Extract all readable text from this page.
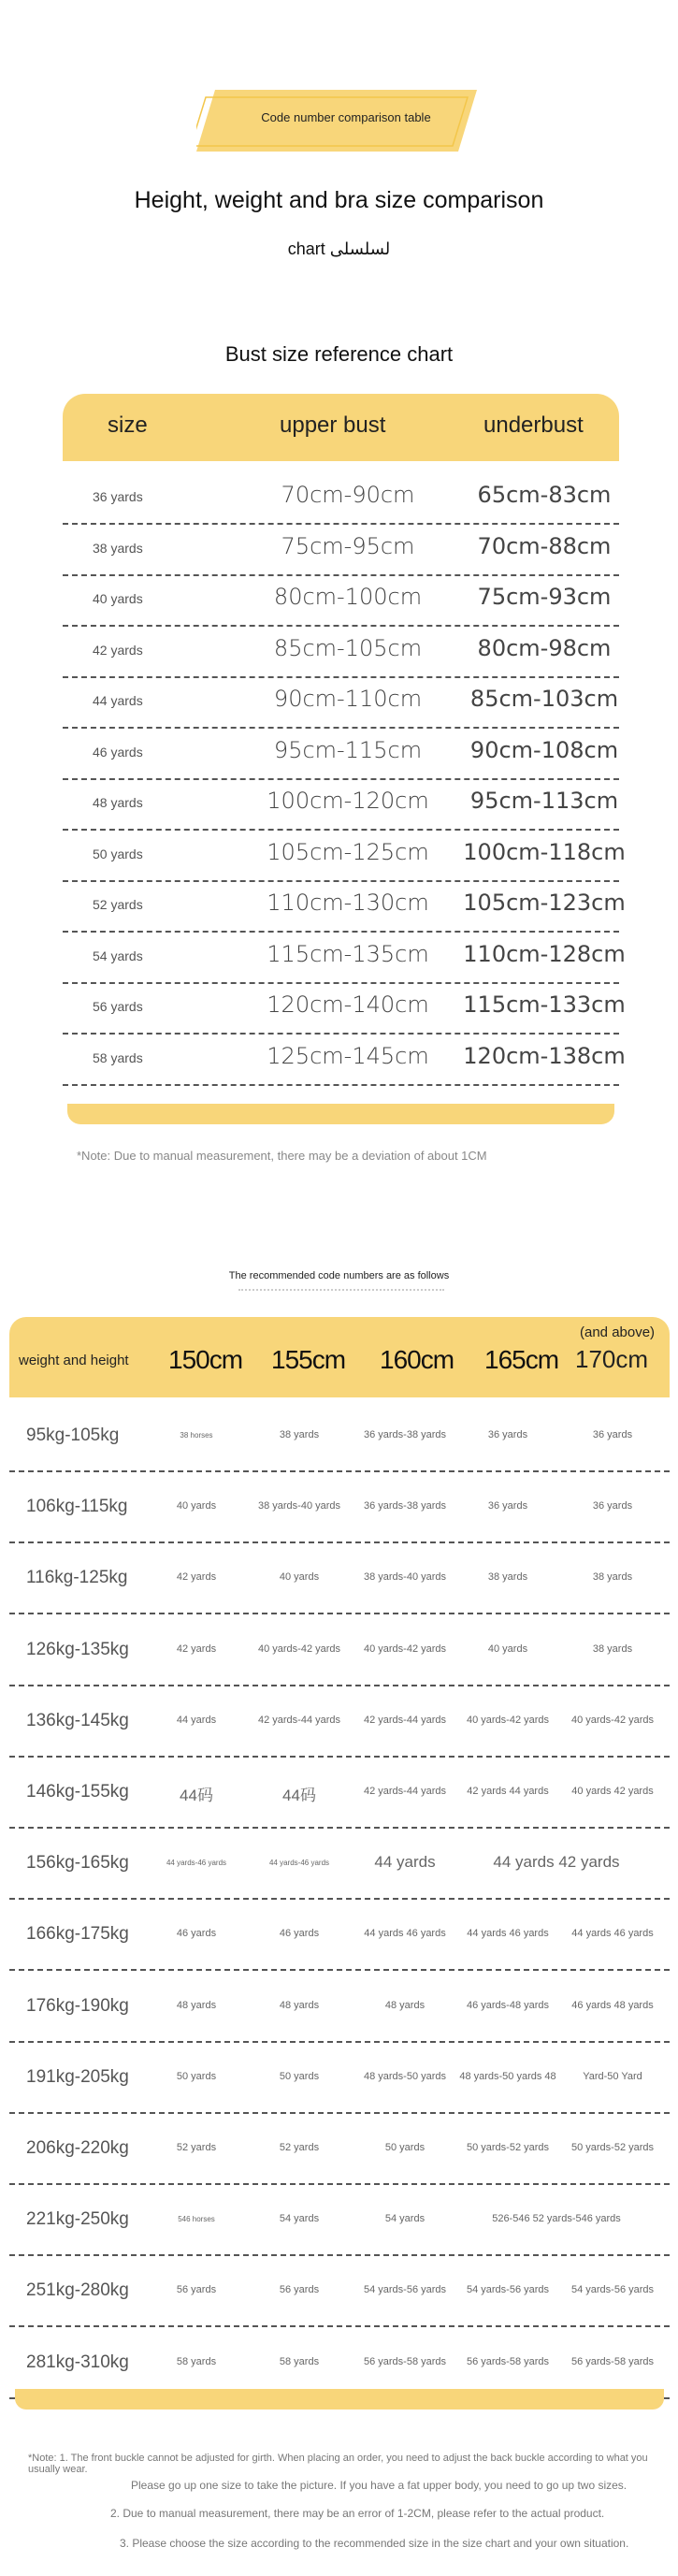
Code number comparison table
Height, weight and bra size comparison
chart لسلسلى
Bust size reference chart
size	upper bust	underbust
36 yards	70cm-90cm	65cm-83cm
38 yards	75cm-95cm	70cm-88cm
40 yards	80cm-100cm	75cm-93cm
42 yards	85cm-105cm	80cm-98cm
44 yards	90cm-110cm	85cm-103cm
46 yards	95cm-115cm	90cm-108cm
48 yards	100cm-120cm	95cm-113cm
50 yards	105cm-125cm	100cm-118cm
52 yards	110cm-130cm	105cm-123cm
54 yards	115cm-135cm	110cm-128cm
56 yards	120cm-140cm	115cm-133cm
58 yards	125cm-145cm	120cm-138cm
*Note: Due to manual measurement, there may be a deviation of about 1CM
The recommended code numbers are as follows
weight and height 150cm 155cm 160cm 165cm 170cm
(and above)
95kg-105kg	38 horses	38 yards	36 yards-38 yards	36 yards	36 yards
106kg-115kg	40 yards	38 yards-40 yards	36 yards-38 yards	36 yards	36 yards
116kg-125kg	42 yards	40 yards	38 yards-40 yards	38 yards	38 yards
126kg-135kg	42 yards	40 yards-42 yards	40 yards-42 yards	40 yards	38 yards
136kg-145kg	44 yards	42 yards-44 yards	42 yards-44 yards	40 yards-42 yards	40 yards-42 yards
146kg-155kg	44码	44码	42 yards-44 yards	42 yards 44 yards	40 yards 42 yards
156kg-165kg	44 yards-46 yards	44 yards-46 yards	44 yards	44 yards 42 yards
166kg-175kg	46 yards	46 yards	44 yards 46 yards	44 yards 46 yards	44 yards 46 yards
176kg-190kg	48 yards	48 yards	48 yards	46 yards-48 yards	46 yards 48 yards
191kg-205kg	50 yards	50 yards	48 yards-50 yards	48 yards-50 yards 48	Yard-50 Yard
206kg-220kg	52 yards	52 yards	50 yards	50 yards-52 yards	50 yards-52 yards
221kg-250kg	546 horses	54 yards	54 yards	526-546 52 yards-546 yards
251kg-280kg	56 yards	56 yards	54 yards-56 yards	54 yards-56 yards	54 yards-56 yards
281kg-310kg	58 yards	58 yards	56 yards-58 yards	56 yards-58 yards	56 yards-58 yards
*Note: 1. The front buckle cannot be adjusted for girth. When placing an order, you need to adjust the back buckle according to what you usually wear.
Please go up one size to take the picture. If you have a fat upper body, you need to go up two sizes.
2. Due to manual measurement, there may be an error of 1-2CM, please refer to the actual product.
3. Please choose the size according to the recommended size in the size chart and your own situation.
